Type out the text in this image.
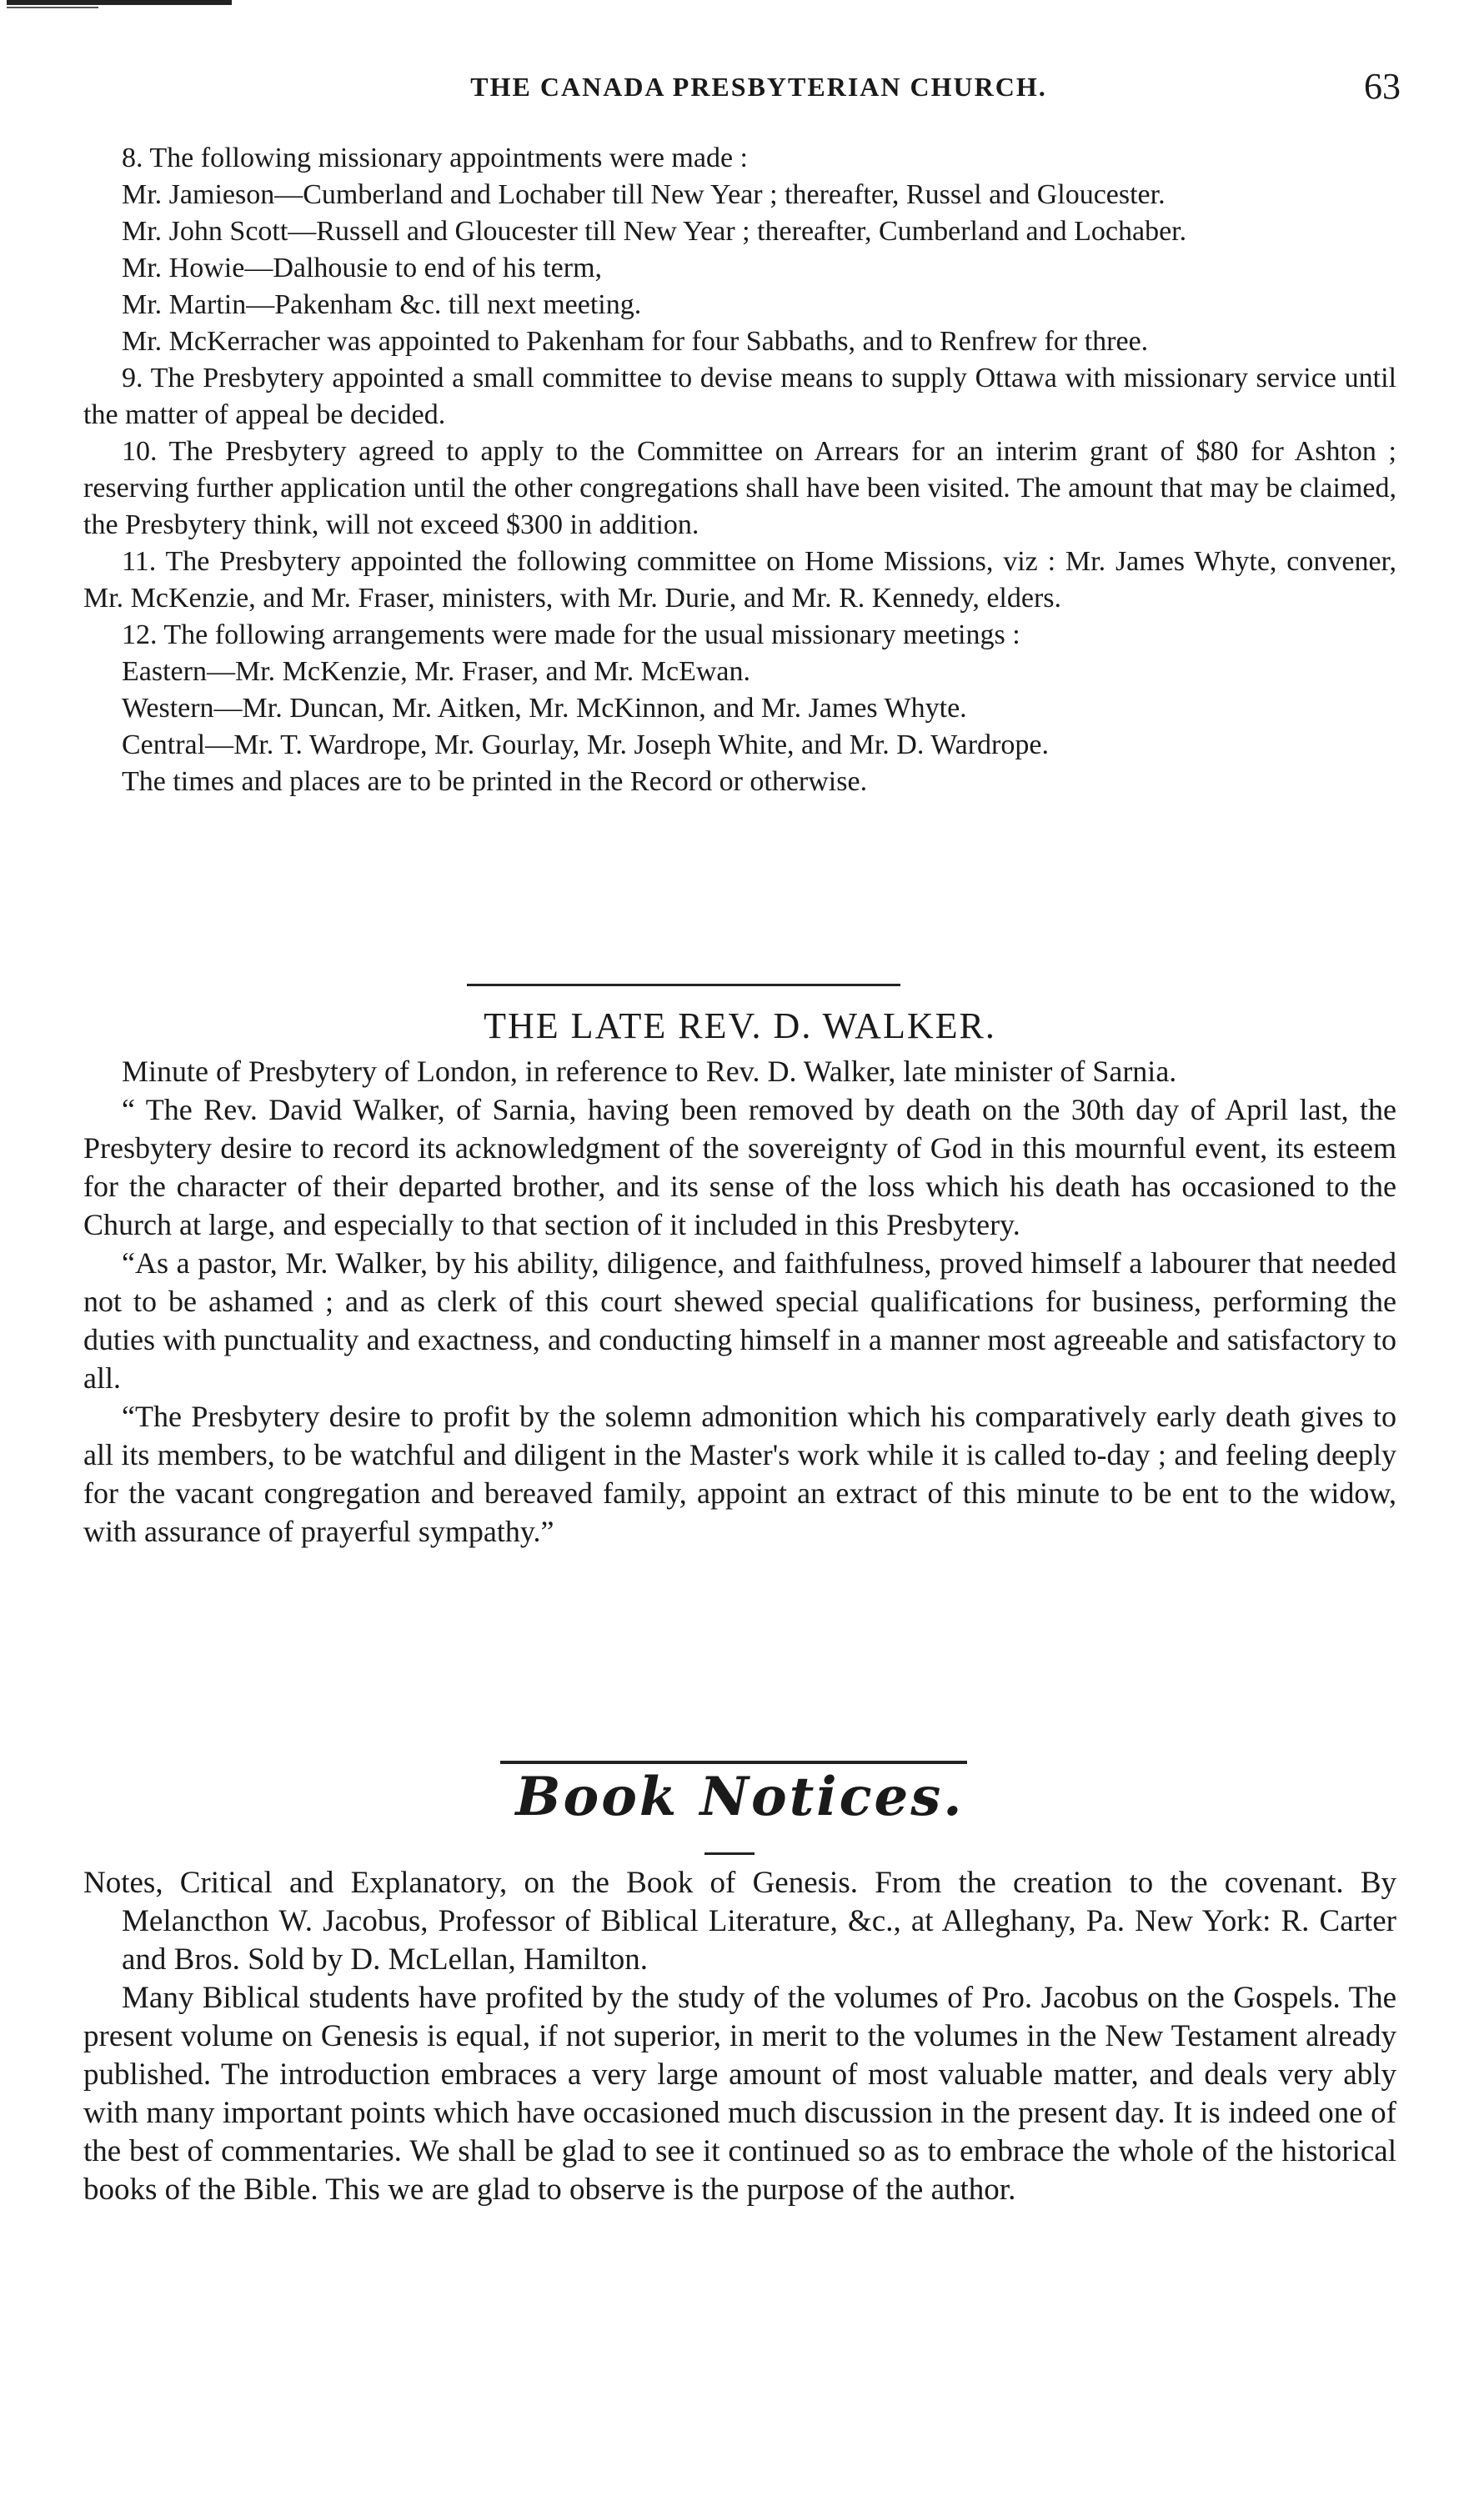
THE CANADA PRESBYTERIAN CHURCH.	63

8. The following missionary appointments were made :

Mr. Jamieson—Cumberland and Lochaber till New Year ; thereafter, Russel and Gloucester.

Mr. John Scott—Russell and Gloucester till New Year ; thereafter, Cumberland and Lochaber.

Mr. Howie—Dalhousie to end of his term,

Mr. Martin—Pakenham &c. till next meeting.

Mr. McKerracher was appointed to Pakenham for four Sabbaths, and to Renfrew for three.

9. The Presbytery appointed a small committee to devise means to supply Ottawa with missionary service until the matter of appeal be decided.

10. The Presbytery agreed to apply to the Committee on Arrears for an interim grant of $80 for Ashton ; reserving further application until the other congregations shall have been visited. The amount that may be claimed, the Presbytery think, will not exceed $300 in addition.

11. The Presbytery appointed the following committee on Home Missions, viz : Mr. James Whyte, convener, Mr. McKenzie, and Mr. Fraser, ministers, with Mr. Durie, and Mr. R. Kennedy, elders.

12. The following arrangements were made for the usual missionary meetings :

Eastern—Mr. McKenzie, Mr. Fraser, and Mr. McEwan.

Western—Mr. Duncan, Mr. Aitken, Mr. McKinnon, and Mr. James Whyte.

Central—Mr. T. Wardrope, Mr. Gourlay, Mr. Joseph White, and Mr. D. Wardrope.

The times and places are to be printed in the Record or otherwise.

THE LATE REV. D. WALKER.

Minute of Presbytery of London, in reference to Rev. D. Walker, late minister of Sarnia.

“ The Rev. David Walker, of Sarnia, having been removed by death on the 30th day of April last, the Presbytery desire to record its acknowledgment of the sovereignty of God in this mournful event, its esteem for the character of their departed brother, and its sense of the loss which his death has occasioned to the Church at large, and especially to that section of it included in this Presbytery.

“As a pastor, Mr. Walker, by his ability, diligence, and faithfulness, proved himself a labourer that needed not to be ashamed ; and as clerk of this court shewed special qualifications for business, performing the duties with punctuality and exactness, and conducting himself in a manner most agreeable and satisfactory to all.

“The Presbytery desire to profit by the solemn admonition which his comparatively early death gives to all its members, to be watchful and diligent in the Master's work while it is called to-day ; and feeling deeply for the vacant congregation and bereaved family, appoint an extract of this minute to be ent to the widow, with assurance of prayerful sympathy.”

Book Notices.

Notes, Critical and Explanatory, on the Book of Genesis. From the creation to the covenant. By Melancthon W. Jacobus, Professor of Biblical Literature, &c., at Alleghany, Pa. New York: R. Carter and Bros. Sold by D. McLellan, Hamilton.

Many Biblical students have profited by the study of the volumes of Pro. Jacobus on the Gospels. The present volume on Genesis is equal, if not superior, in merit to the volumes in the New Testament already published. The introduction embraces a very large amount of most valuable matter, and deals very ably with many important points which have occasioned much discussion in the present day. It is indeed one of the best of commentaries. We shall be glad to see it continued so as to embrace the whole of the historical books of the Bible. This we are glad to observe is the purpose of the author.
